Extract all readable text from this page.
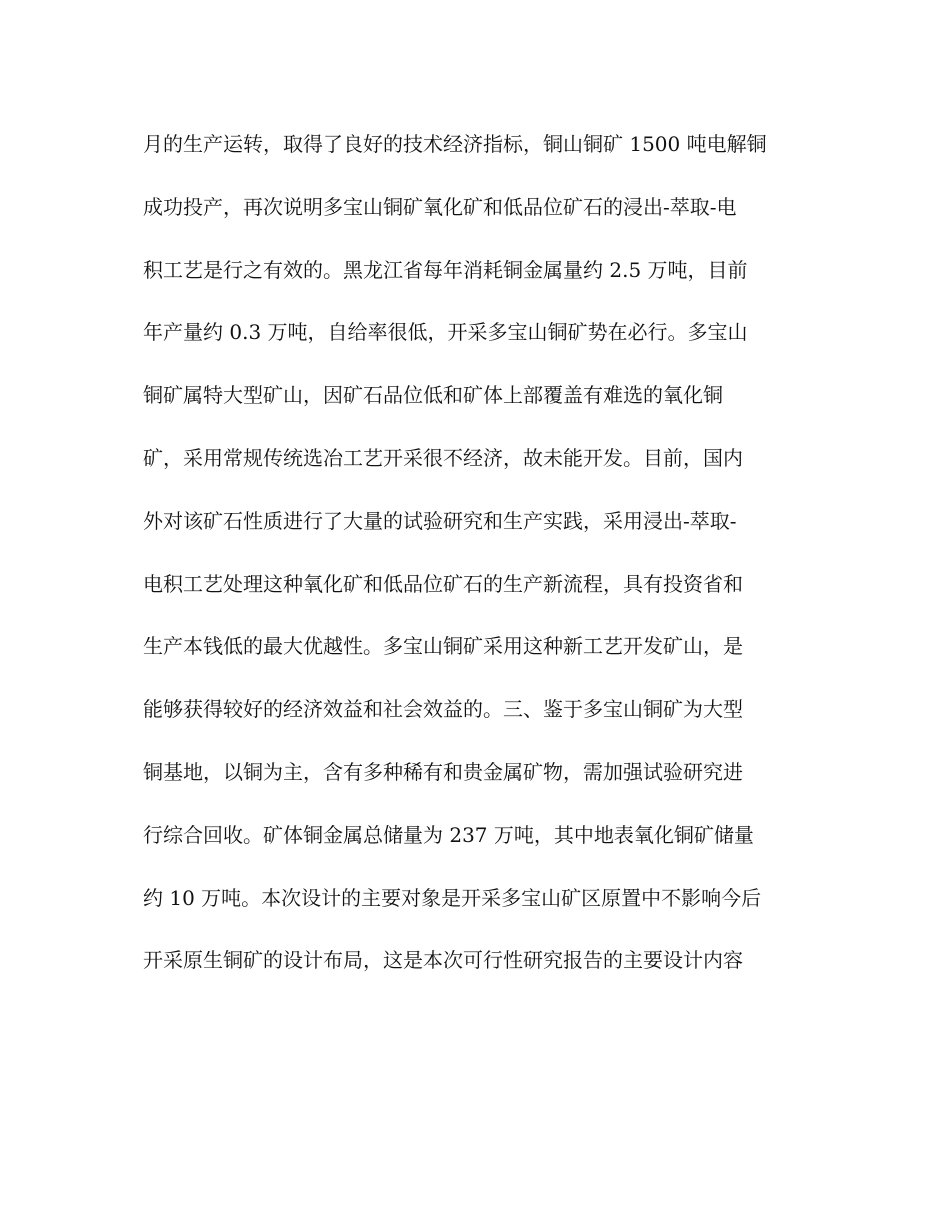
月的生产运转，取得了良好的技术经济指标，铜山铜矿 1500 吨电解铜
成功投产，再次说明多宝山铜矿氧化矿和低品位矿石的浸出-萃取-电
积工艺是行之有效的。黑龙江省每年消耗铜金属量约 2.5 万吨，目前
年产量约 0.3 万吨，自给率很低，开采多宝山铜矿势在必行。多宝山
铜矿属特大型矿山，因矿石品位低和矿体上部覆盖有难选的氧化铜
矿，采用常规传统选冶工艺开采很不经济，故未能开发。目前，国内
外对该矿石性质进行了大量的试验研究和生产实践，采用浸出-萃取-
电积工艺处理这种氧化矿和低品位矿石的生产新流程，具有投资省和
生产本钱低的最大优越性。多宝山铜矿采用这种新工艺开发矿山，是
能够获得较好的经济效益和社会效益的。三、鉴于多宝山铜矿为大型
铜基地，以铜为主，含有多种稀有和贵金属矿物，需加强试验研究进
行综合回收。矿体铜金属总储量为 237 万吨，其中地表氧化铜矿储量
约 10 万吨。本次设计的主要对象是开采多宝山矿区原置中不影响今后
开采原生铜矿的设计布局，这是本次可行性研究报告的主要设计内容
